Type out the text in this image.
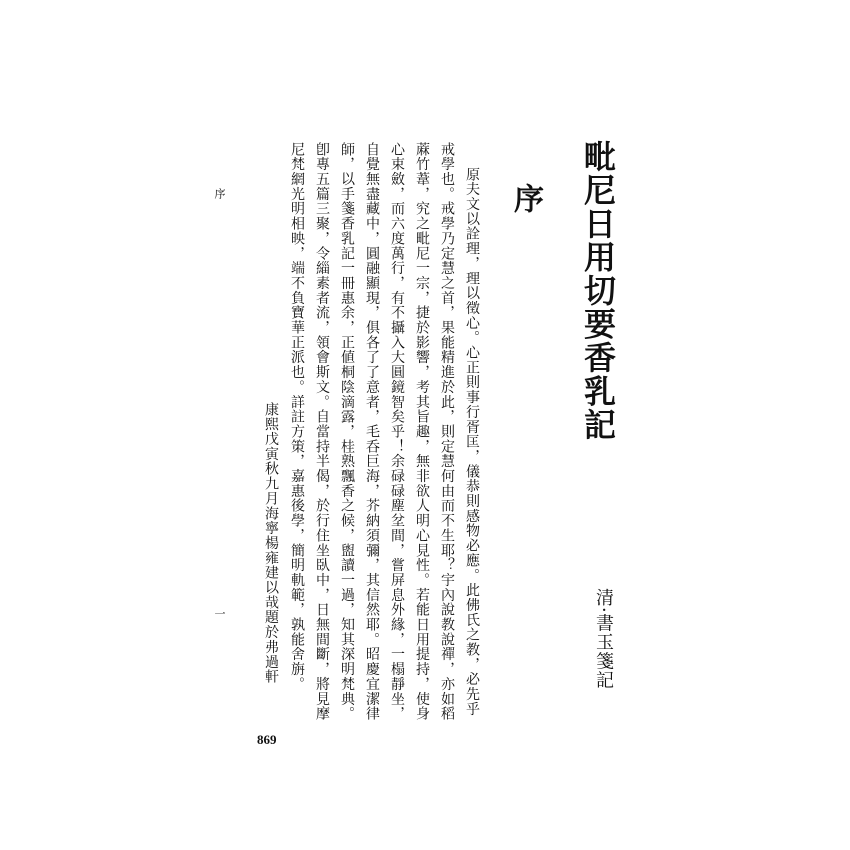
毗尼日用切要香乳記
清·書玉箋記
序
原夫文以詮理，理以徵心。心正則事行胥匡，儀恭則感物必應。此佛氏之教，必先乎
戒學也。戒學乃定慧之首，果能精進於此，則定慧何由而不生耶？宇內說教說禪，亦如稻
蔴竹葦，究之毗尼一宗，捷於影響，考其旨趣，無非欲人明心見性。若能日用提持，使身
心束斂，而六度萬行，有不攝入大圓鏡智矣乎！余碌碌塵坌間，嘗屏息外緣，一榻靜坐，
自覺無盡藏中，圓融顯現，俱各了了意者，毛呑巨海，芥納須彌，其信然耶。昭慶宜潔律
師，以手箋香乳記一冊惠余，正値桐陰滴露，桂熟飄香之候，盥讀一過，知其深明梵典。
卽專五篇三聚，令緇素者流，領會斯文。自當持半偈，於行住坐臥中，日無間斷，將見摩
尼梵網光明相映，端不負寶華正派也。詳註方策，嘉惠後學，簡明軌範，孰能舍旃。
康熙戊寅秋九月海寧楊雍建以哉題於弗過軒
序
一
869
